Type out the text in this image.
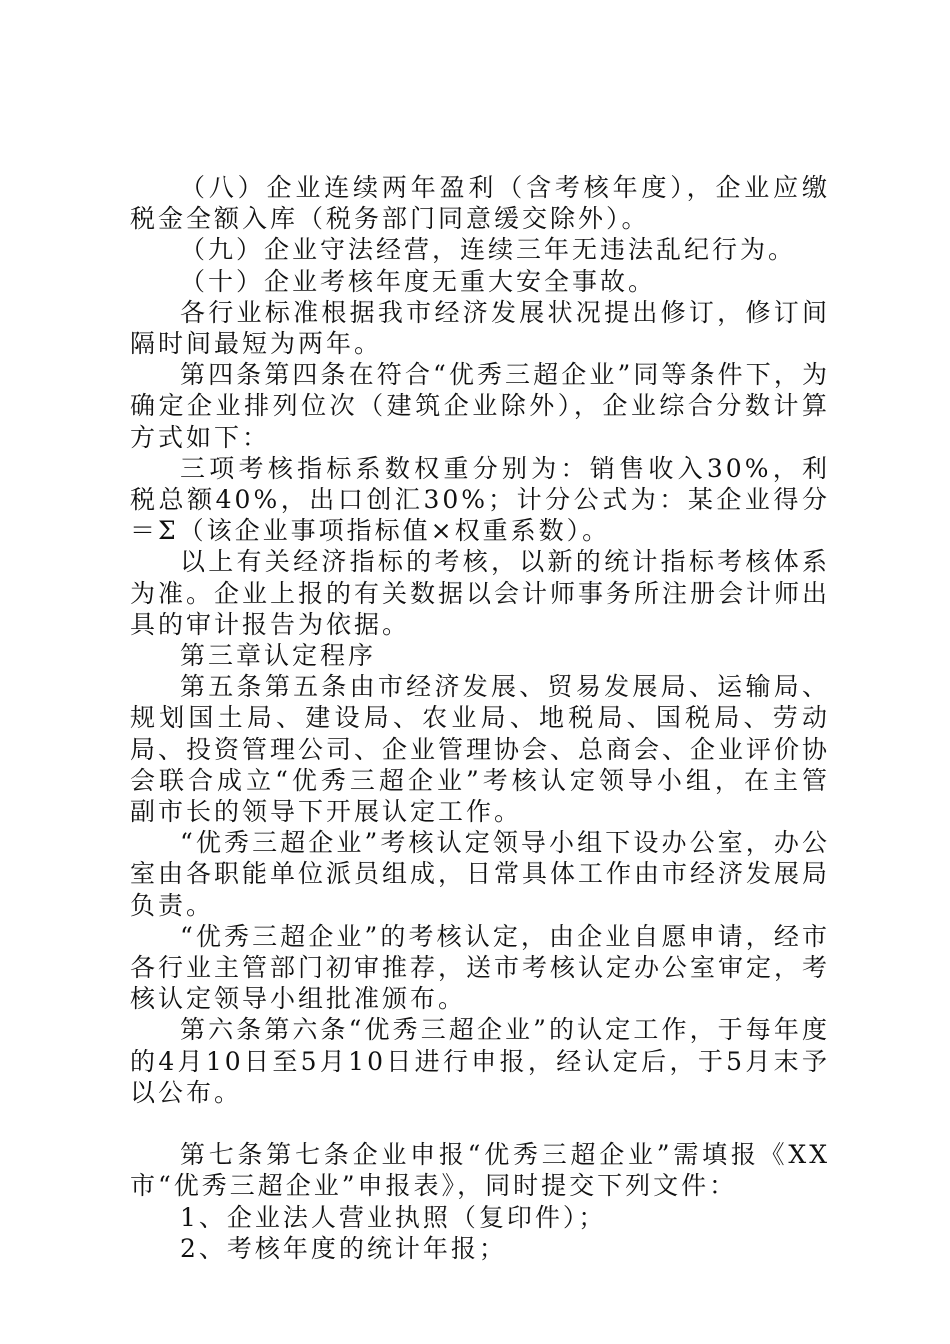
（八）企业连续两年盈利（含考核年度），企业应缴税金全额入库（税务部门同意缓交除外）。

（九）企业守法经营，连续三年无违法乱纪行为。

（十）企业考核年度无重大安全事故。

各行业标准根据我市经济发展状况提出修订，修订间隔时间最短为两年。

第四条第四条在符合“优秀三超企业”同等条件下，为确定企业排列位次（建筑企业除外），企业综合分数计算方式如下：

三项考核指标系数权重分别为：销售收入30%，利税总额40%，出口创汇30%；计分公式为：某企业得分＝Σ（该企业事项指标值×权重系数）。

以上有关经济指标的考核，以新的统计指标考核体系为准。企业上报的有关数据以会计师事务所注册会计师出具的审计报告为依据。

第三章认定程序

第五条第五条由市经济发展、贸易发展局、运输局、规划国土局、建设局、农业局、地税局、国税局、劳动局、投资管理公司、企业管理协会、总商会、企业评价协会联合成立“优秀三超企业”考核认定领导小组，在主管副市长的领导下开展认定工作。

“优秀三超企业”考核认定领导小组下设办公室，办公室由各职能单位派员组成，日常具体工作由市经济发展局负责。

“优秀三超企业”的考核认定，由企业自愿申请，经市各行业主管部门初审推荐，送市考核认定办公室审定，考核认定领导小组批准颁布。

第六条第六条“优秀三超企业”的认定工作，于每年度的4月10日至5月10日进行申报，经认定后，于5月末予以公布。

第七条第七条企业申报“优秀三超企业”需填报《XX市“优秀三超企业”申报表》，同时提交下列文件：

1、企业法人营业执照（复印件）；

2、考核年度的统计年报；
